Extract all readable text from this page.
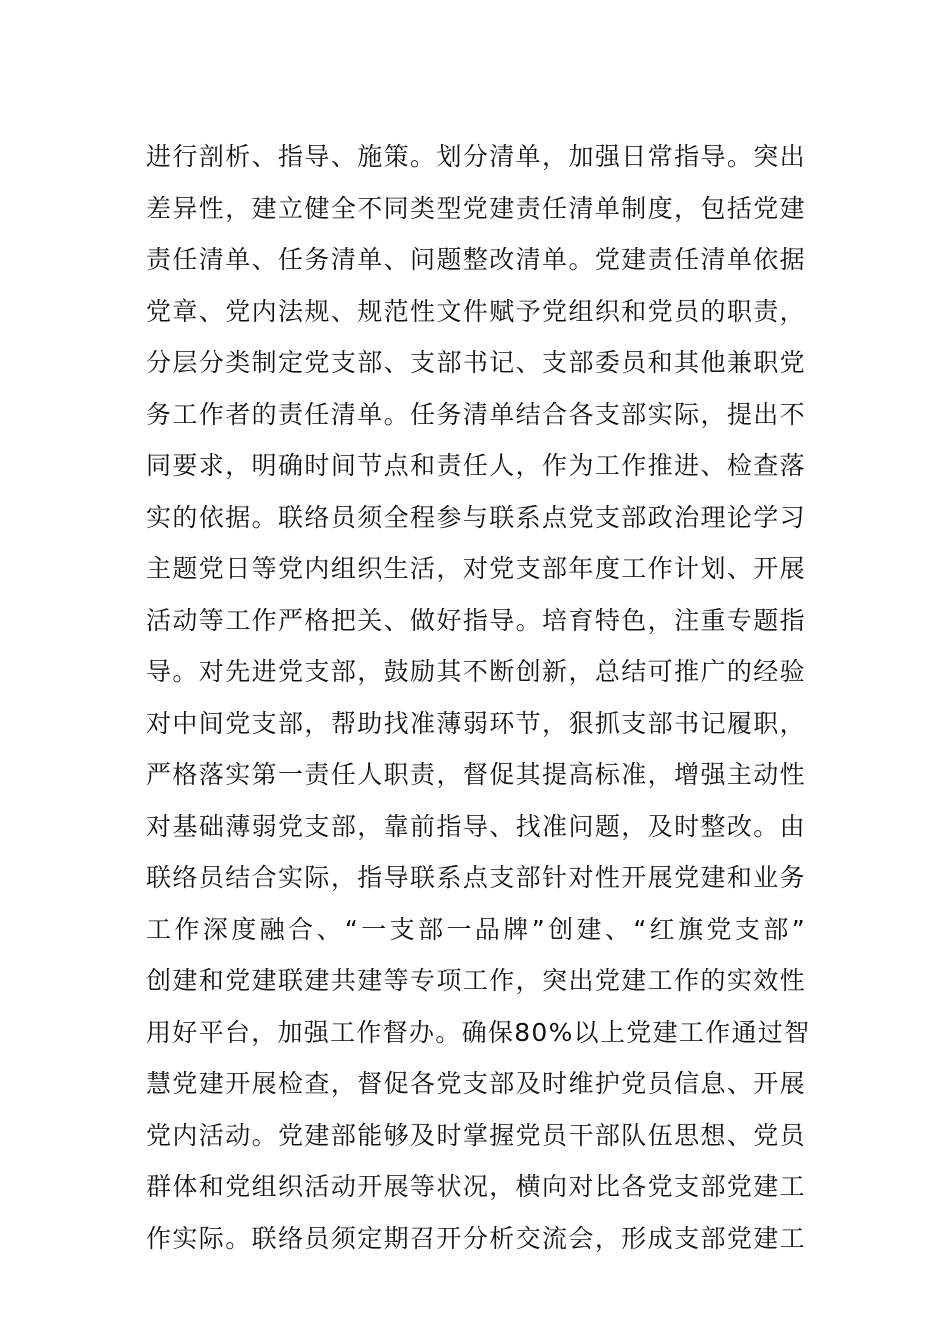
进行剖析、指导、施策。划分清单，加强日常指导。突出
差异性，建立健全不同类型党建责任清单制度，包括党建
责任清单、任务清单、问题整改清单。党建责任清单依据
党章、党内法规、规范性文件赋予党组织和党员的职责，
分层分类制定党支部、支部书记、支部委员和其他兼职党
务工作者的责任清单。任务清单结合各支部实际，提出不
同要求，明确时间节点和责任人，作为工作推进、检查落
实的依据。联络员须全程参与联系点党支部政治理论学习
主题党日等党内组织生活，对党支部年度工作计划、开展
活动等工作严格把关、做好指导。培育特色，注重专题指
导。对先进党支部，鼓励其不断创新，总结可推广的经验
对中间党支部，帮助找准薄弱环节，狠抓支部书记履职，
严格落实第一责任人职责，督促其提高标准，增强主动性
对基础薄弱党支部，靠前指导、找准问题，及时整改。由
联络员结合实际，指导联系点支部针对性开展党建和业务
工作深度融合、“一支部一品牌”创建、“红旗党支部”
创建和党建联建共建等专项工作，突出党建工作的实效性
用好平台，加强工作督办。确保80%以上党建工作通过智
慧党建开展检查，督促各党支部及时维护党员信息、开展
党内活动。党建部能够及时掌握党员干部队伍思想、党员
群体和党组织活动开展等状况，横向对比各党支部党建工
作实际。联络员须定期召开分析交流会，形成支部党建工
